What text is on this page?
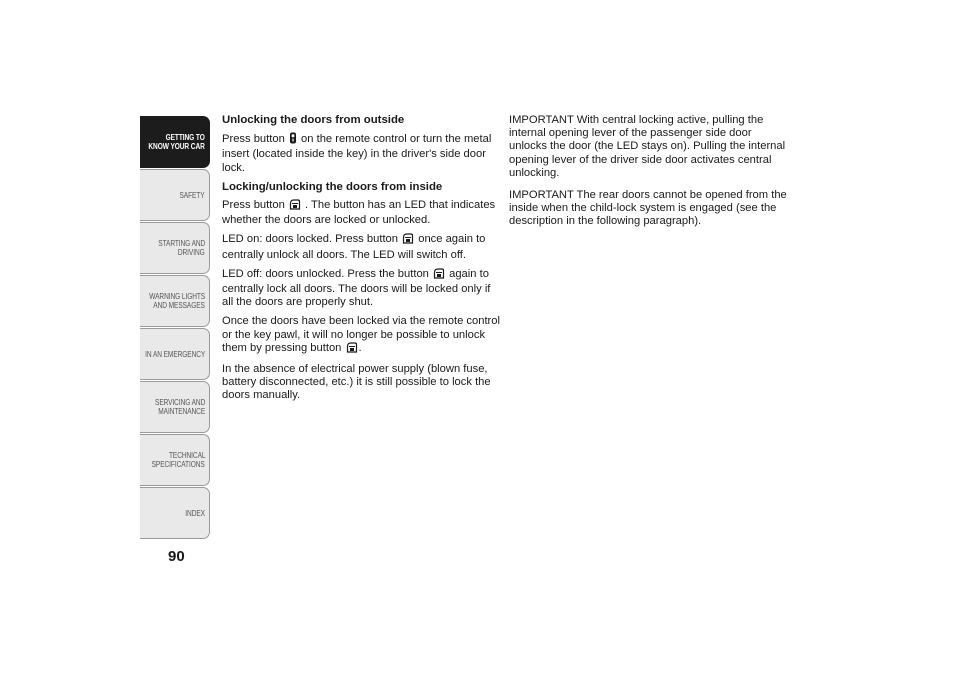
GETTING TO
KNOW YOUR CAR
SAFETY
STARTING AND
DRIVING
WARNING LIGHTS
AND MESSAGES
IN AN EMERGENCY
SERVICING AND
MAINTENANCE
TECHNICAL
SPECIFICATIONS
INDEX
90
Unlocking the doors from outside
Press button on the remote control or turn the metal insert (located inside the key) in the driver's side door lock.
Locking/unlocking the doors from inside
Press button . The button has an LED that indicates whether the doors are locked or unlocked.
LED on: doors locked. Press button once again to centrally unlock all doors. The LED will switch off.
LED off: doors unlocked. Press the button again to centrally lock all doors. The doors will be locked only if all the doors are properly shut.
Once the doors have been locked via the remote control or the key pawl, it will no longer be possible to unlock them by pressing button .
In the absence of electrical power supply (blown fuse, battery disconnected, etc.) it is still possible to lock the doors manually.
IMPORTANT With central locking active, pulling the internal opening lever of the passenger side door unlocks the door (the LED stays on). Pulling the internal opening lever of the driver side door activates central unlocking.
IMPORTANT The rear doors cannot be opened from the inside when the child-lock system is engaged (see the description in the following paragraph).
